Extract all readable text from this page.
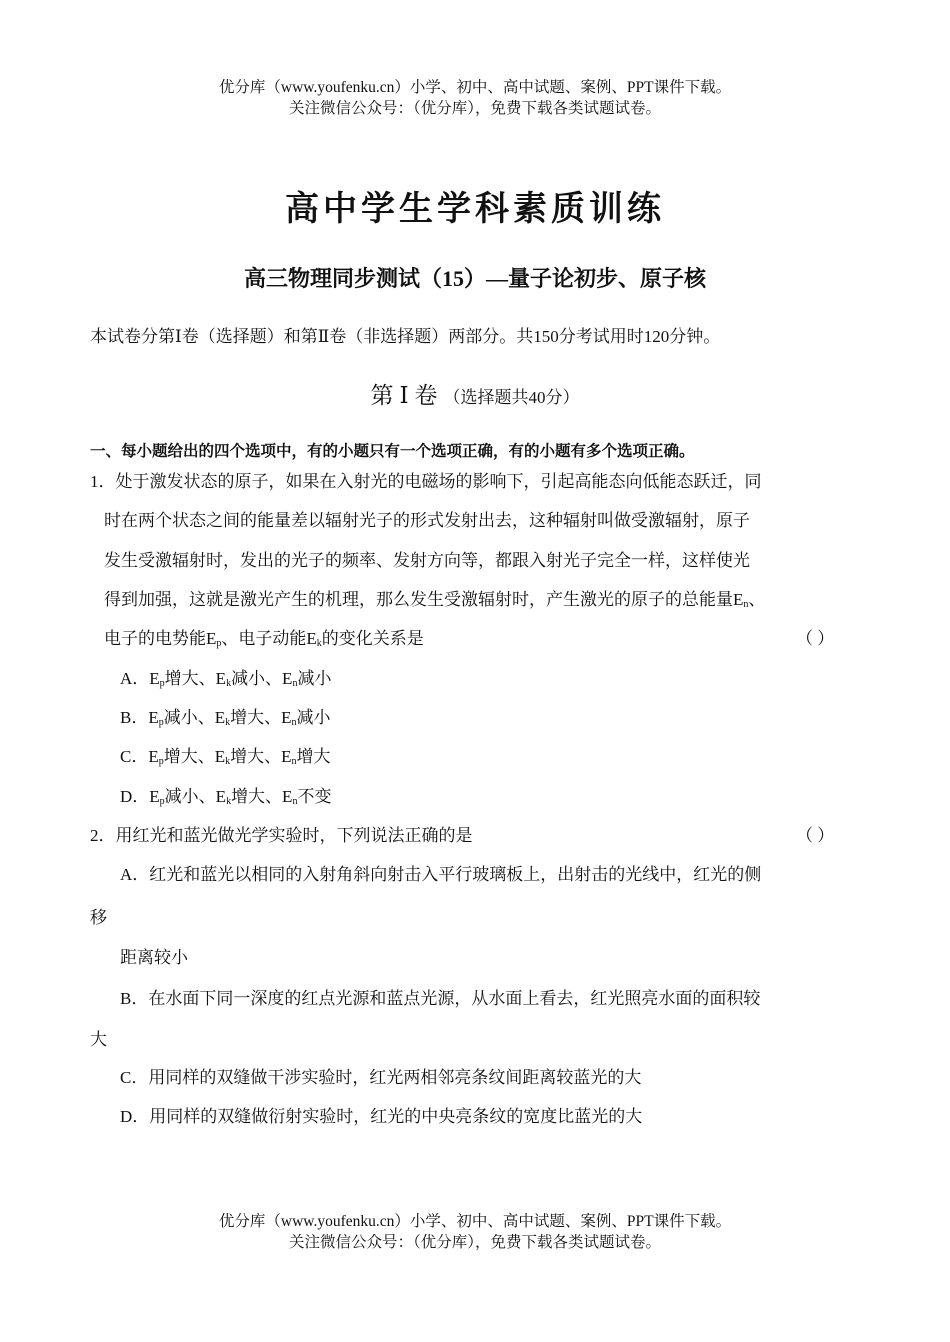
优分库（www.youfenku.cn）小学、初中、高中试题、案例、PPT课件下载。
关注微信公众号：（优分库），免费下载各类试题试卷。
高中学生学科素质训练
高三物理同步测试（15）—量子论初步、原子核
本试卷分第Ⅰ卷（选择题）和第Ⅱ卷（非选择题）两部分。共150分考试用时120分钟。
第Ⅰ卷（选择题共40分）
一、每小题给出的四个选项中，有的小题只有一个选项正确，有的小题有多个选项正确。
1．处于激发状态的原子，如果在入射光的电磁场的影响下，引起高能态向低能态跃迁，同
时在两个状态之间的能量差以辐射光子的形式发射出去，这种辐射叫做受激辐射，原子
发生受激辐射时，发出的光子的频率、发射方向等，都跟入射光子完全一样，这样使光
得到加强，这就是激光产生的机理，那么发生受激辐射时，产生激光的原子的总能量$E_n$、
电子的电势能$E_p$、电子动能$E_k$的变化关系是	（ ）
A．$E_p$增大、$E_k$减小、$E_n$减小
B．$E_p$减小、$E_k$增大、$E_n$减小
C．$E_p$增大、$E_k$增大、$E_n$增大
D．$E_p$减小、$E_k$增大、$E_n$不变
2．用红光和蓝光做光学实验时，下列说法正确的是	（ ）
A．红光和蓝光以相同的入射角斜向射击入平行玻璃板上，出射击的光线中，红光的侧
移
距离较小
B．在水面下同一深度的红点光源和蓝点光源，从水面上看去，红光照亮水面的面积较
大
C．用同样的双缝做干涉实验时，红光两相邻亮条纹间距离较蓝光的大
D．用同样的双缝做衍射实验时，红光的中央亮条纹的宽度比蓝光的大
优分库（www.youfenku.cn）小学、初中、高中试题、案例、PPT课件下载。
关注微信公众号：（优分库），免费下载各类试题试卷。
